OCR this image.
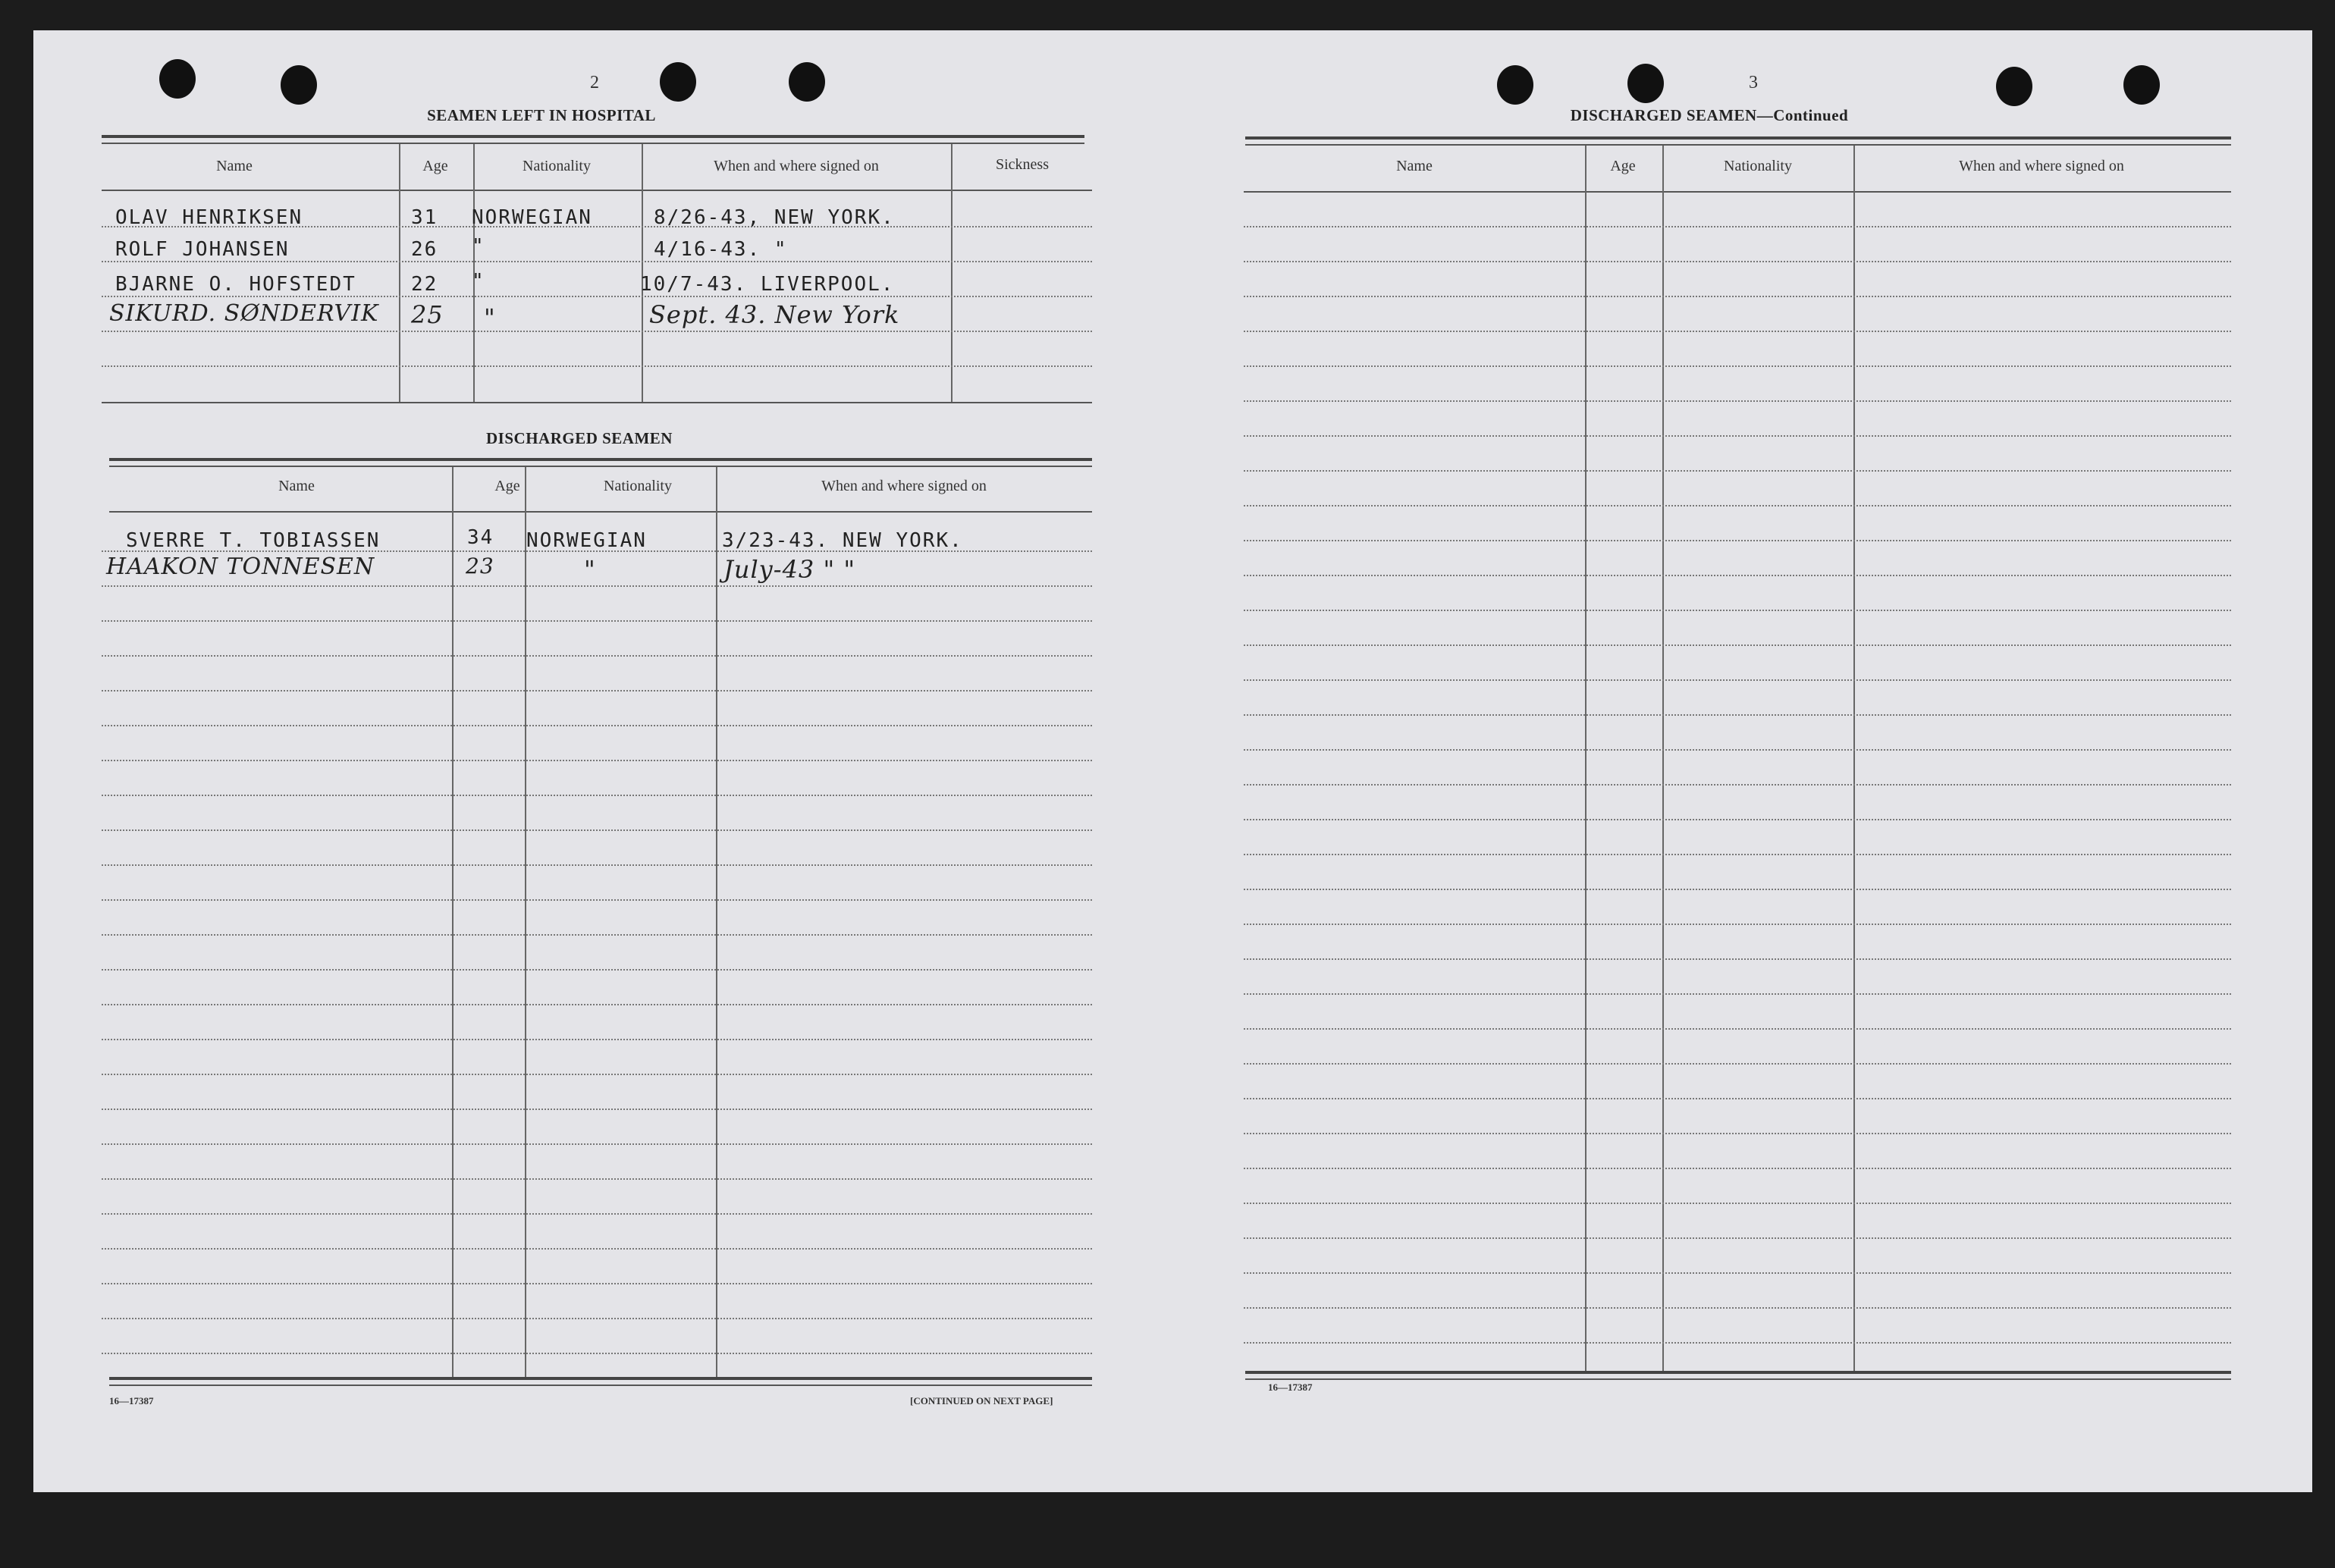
2
SEAMEN LEFT IN HOSPITAL
Name	Age	Nationality	When and where signed on	Sickness
OLAV HENRIKSEN	31 NORWEGIAN	8/26-43, NEW YORK.
ROLF JOHANSEN	26 "	4/16-43. "
BJARNE O. HOFSTEDT	22 "	10/7-43. LIVERPOOL.
SIKURD. SØNDERVIK 25 "	Sept. 43. New York
DISCHARGED SEAMEN
Name	Age	Nationality	When and where signed on
SVERRE T. TOBIASSEN	34 NORWEGIAN	3/23-43. NEW YORK.
HAAKON TONNESEN	23	"	July-43 " "
16—17387	[CONTINUED ON NEXT PAGE]
3
DISCHARGED SEAMEN—Continued
Name	Age	Nationality	When and where signed on
16—17387
